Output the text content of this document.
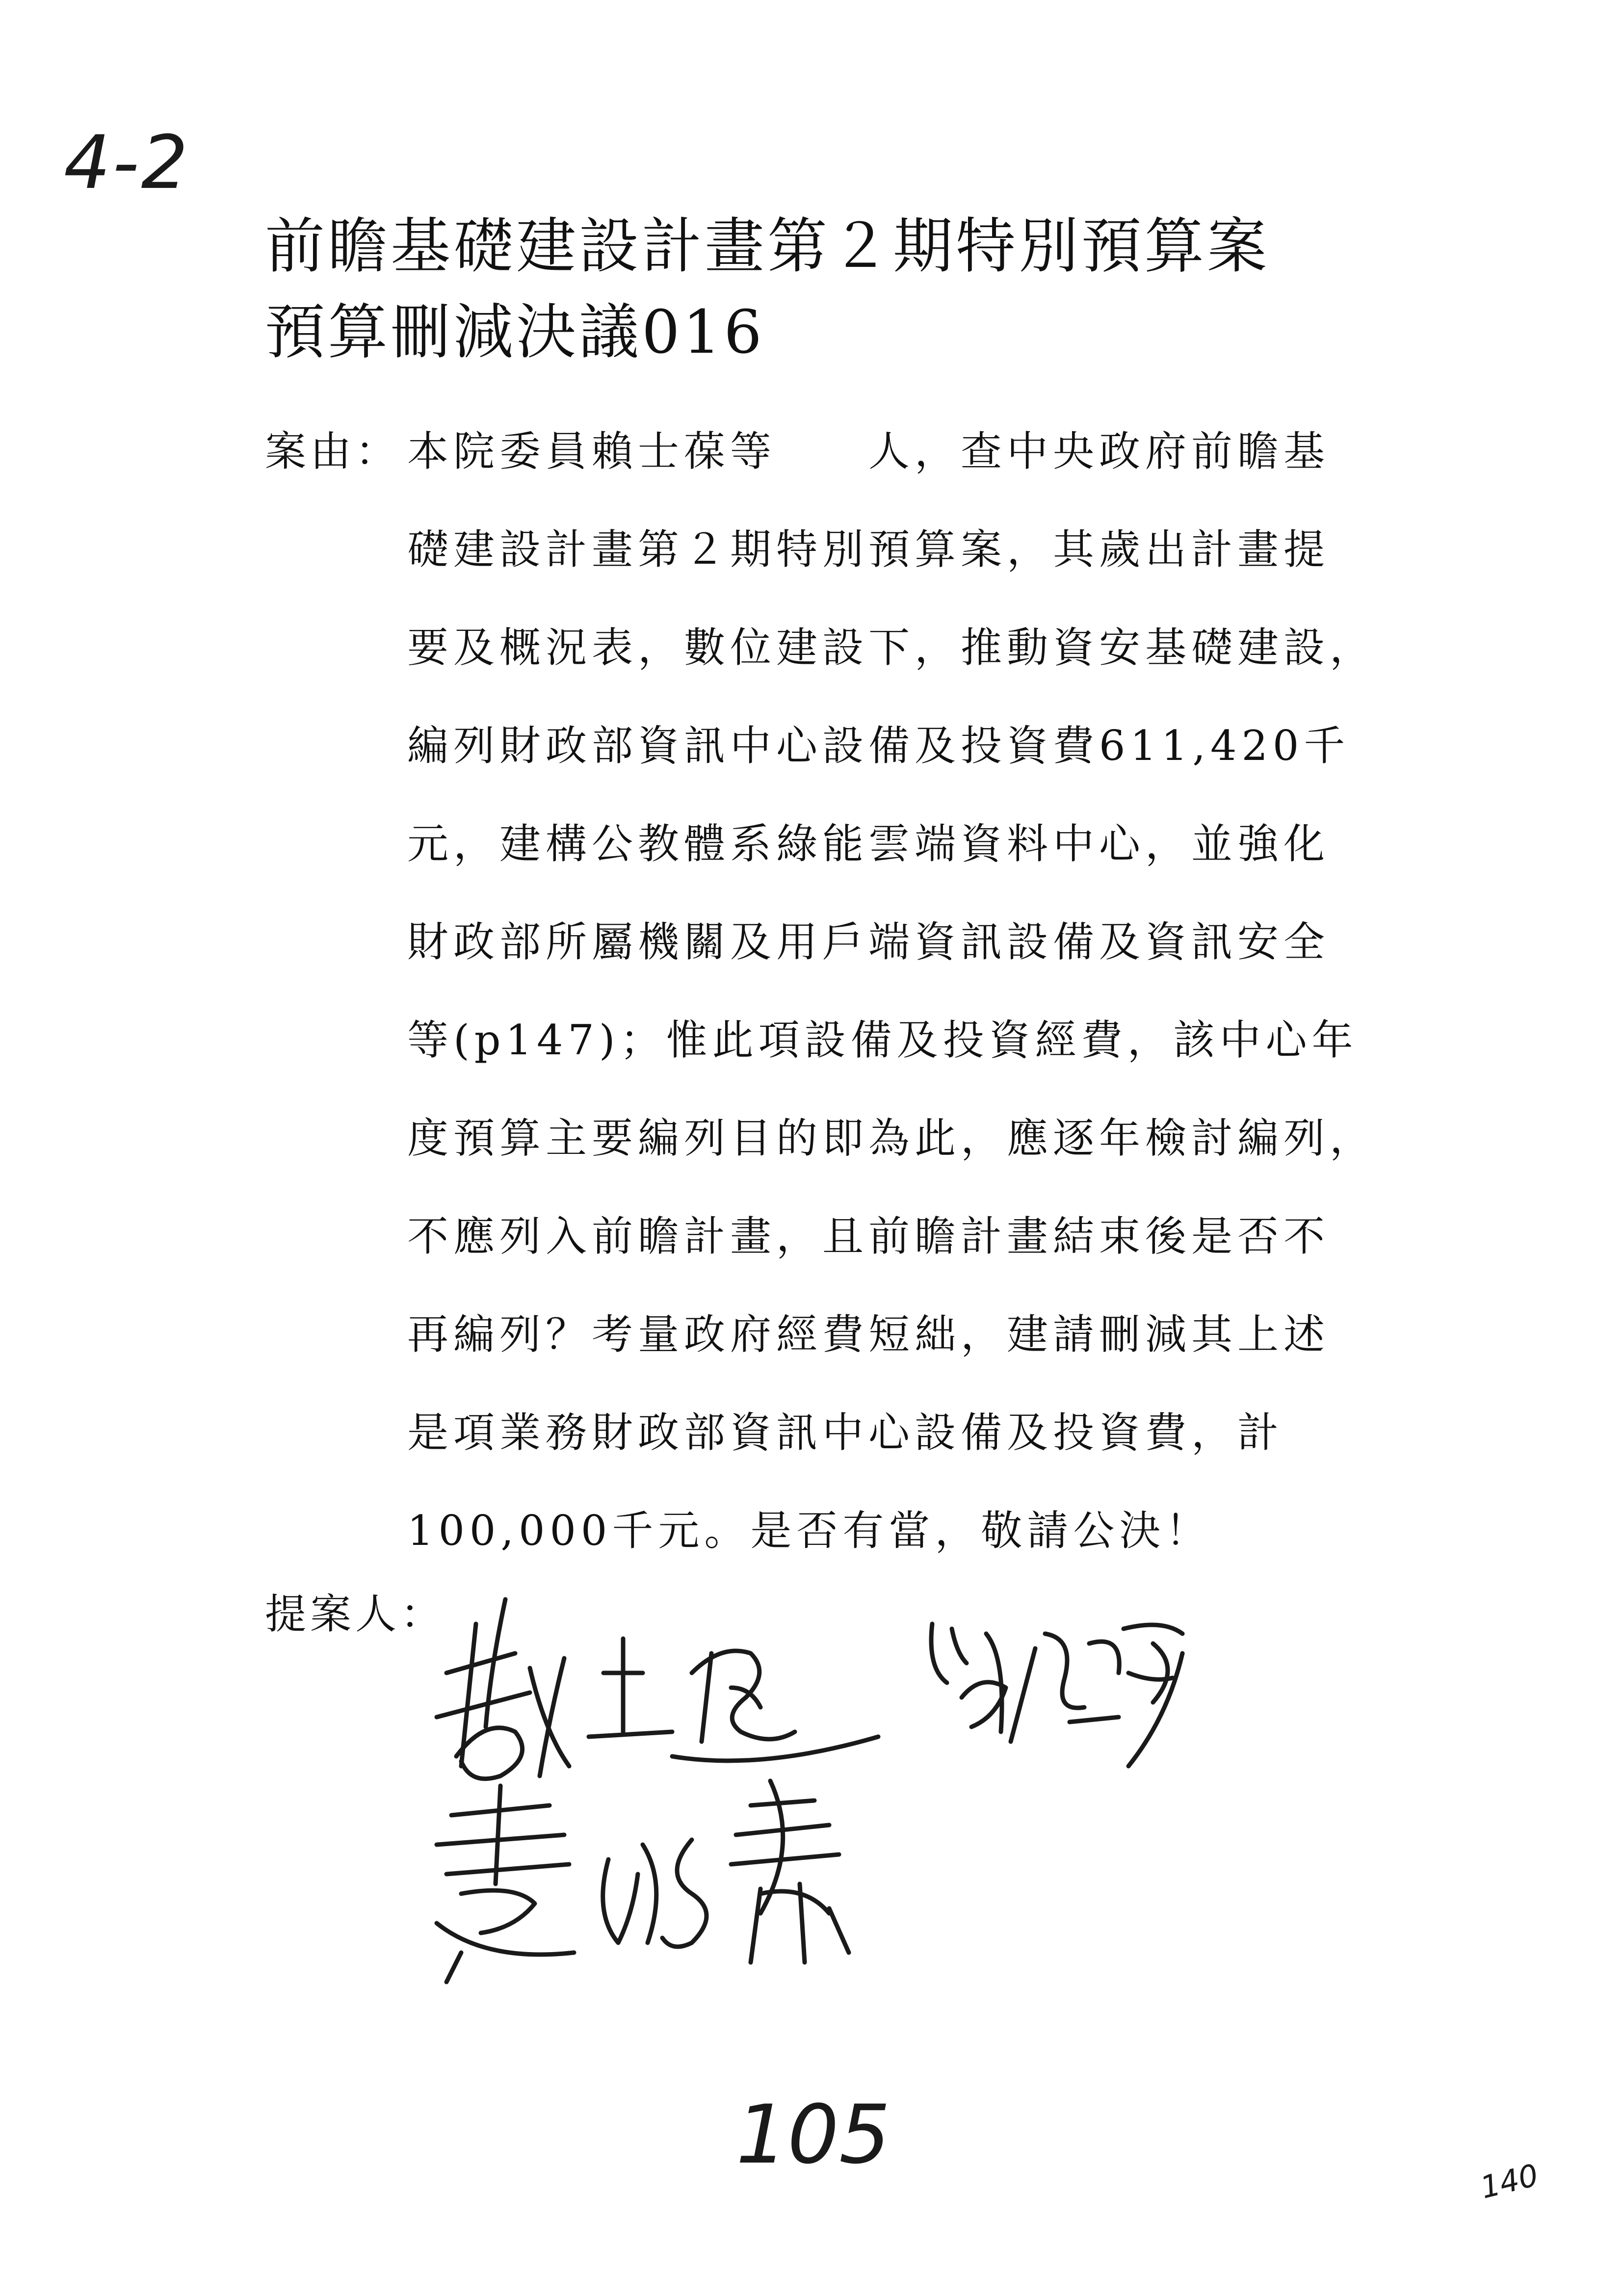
4-2
前瞻基礎建設計畫第２期特別預算案
預算刪減決議016
案由： 本院委員賴士葆等　　人，查中央政府前瞻基
礎建設計畫第２期特別預算案，其歲出計畫提
要及概況表，數位建設下，推動資安基礎建設，
編列財政部資訊中心設備及投資費611,420千
元，建構公教體系綠能雲端資料中心，並強化
財政部所屬機關及用戶端資訊設備及資訊安全
等(p147)；惟此項設備及投資經費，該中心年
度預算主要編列目的即為此，應逐年檢討編列，
不應列入前瞻計畫，且前瞻計畫結束後是否不
再編列？考量政府經費短絀，建請刪減其上述
是項業務財政部資訊中心設備及投資費，計
100,000千元。是否有當，敬請公決！
提案人：
105	140
